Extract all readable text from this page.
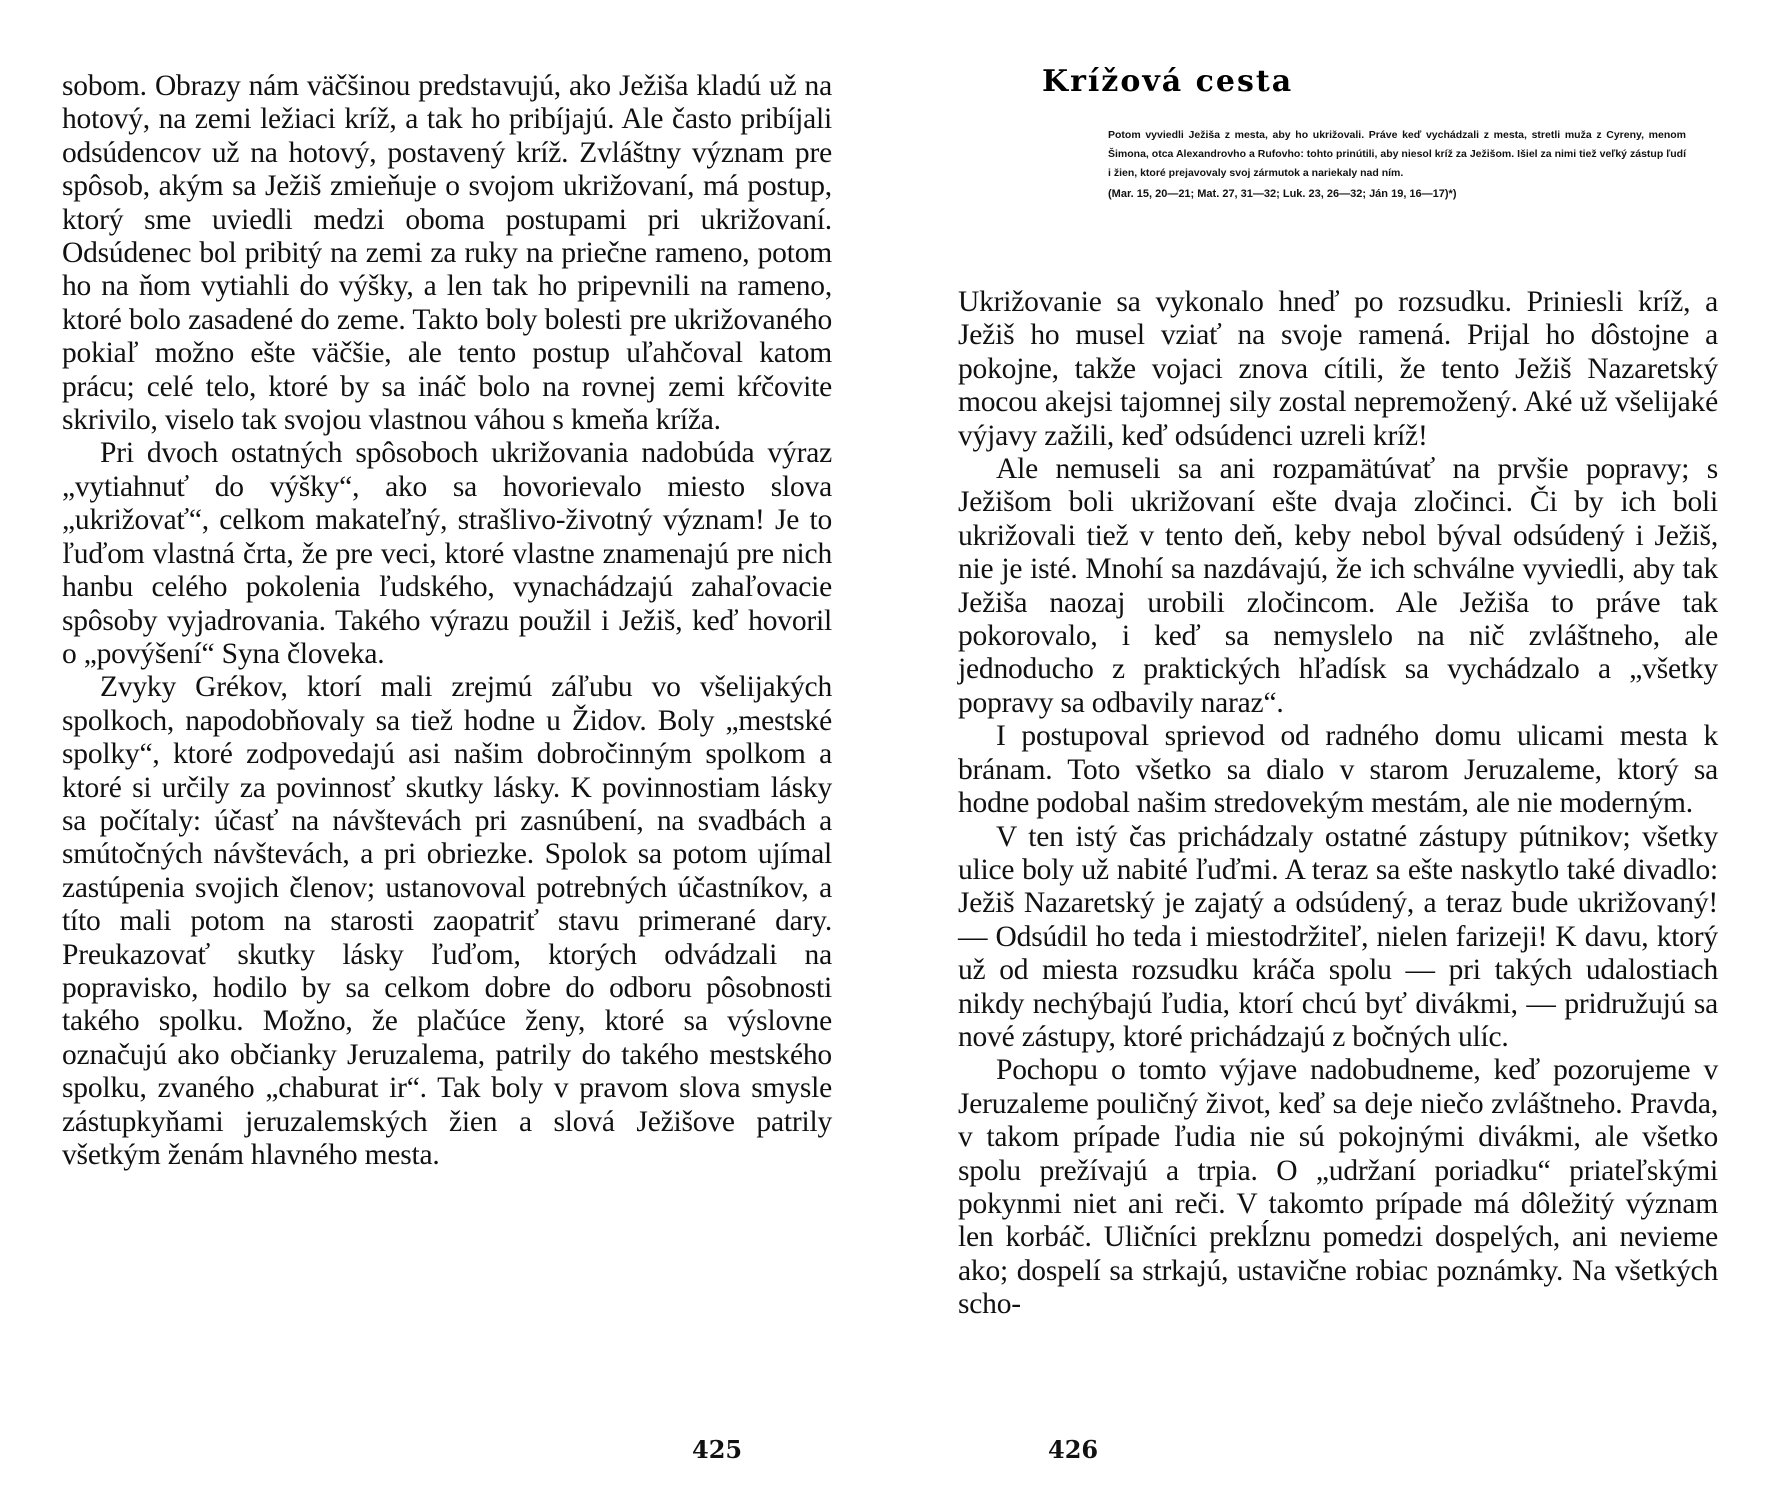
sobom. Obrazy nám väčšinou predstavujú, ako Ježiša kladú už na hotový, na zemi ležiaci kríž, a tak ho pribíjajú. Ale často pribíjali odsúdencov už na hotový, postavený kríž. Zvláštny význam pre spôsob, akým sa Ježiš zmieňuje o svojom ukrižovaní, má postup, ktorý sme uviedli medzi oboma postupami pri ukrižovaní. Odsúdenec bol pribitý na zemi za ruky na priečne rameno, potom ho na ňom vytiahli do výšky, a len tak ho pripevnili na rameno, ktoré bolo zasadené do zeme. Takto boly bolesti pre ukrižovaného pokiaľ možno ešte väčšie, ale tento postup uľahčoval katom prácu; celé telo, ktoré by sa ináč bolo na rovnej zemi kŕčovite skrivilo, viselo tak svojou vlastnou váhou s kmeňa kríža.

Pri dvoch ostatných spôsoboch ukrižovania nadobúda výraz „vytiahnuť do výšky“, ako sa hovorievalo miesto slova „ukrižovať“, celkom makateľný, strašlivo-životný význam! Je to ľuďom vlastná črta, že pre veci, ktoré vlastne znamenajú pre nich hanbu celého pokolenia ľudského, vynachádzajú zahaľovacie spôsoby vyjadrovania. Takého výrazu použil i Ježiš, keď hovoril o „povýšení“ Syna človeka.

Zvyky Grékov, ktorí mali zrejmú záľubu vo všelijakých spolkoch, napodobňovaly sa tiež hodne u Židov. Boly „mestské spolky“, ktoré zodpovedajú asi našim dobročinným spolkom a ktoré si určily za povinnosť skutky lásky. K povinnostiam lásky sa počítaly: účasť na návštevách pri zasnúbení, na svadbách a smútočných návštevách, a pri obriezke. Spolok sa potom ujímal zastúpenia svojich členov; ustanovoval potrebných účastníkov, a títo mali potom na starosti zaopatriť stavu primerané dary. Preukazovať skutky lásky ľuďom, ktorých odvádzali na popravisko, hodilo by sa celkom dobre do odboru pôsobnosti takého spolku. Možno, že plačúce ženy, ktoré sa výslovne označujú ako občianky Jeruzalema, patrily do takého mestského spolku, zvaného „chaburat ir“. Tak boly v pravom slova smysle zástupkyňami jeruzalemských žien a slová Ježišove patrily všetkým ženám hlavného mesta.

425

Krížová cesta
Potom vyviedli Ježiša z mesta, aby ho ukrižovali. Práve keď vychádzali z mesta, stretli muža z Cyreny, menom Šimona, otca Alexandrovho a Rufovho: tohto prinútili, aby niesol kríž za Ježišom. Išiel za nimi tiež veľký zástup ľudí i žien, ktoré prejavovaly svoj zármutok a nariekaly nad ním.
(Mar. 15, 20—21; Mat. 27, 31—32; Luk. 23, 26—32; Ján 19, 16—17)*)

Ukrižovanie sa vykonalo hneď po rozsudku. Priniesli kríž, a Ježiš ho musel vziať na svoje ramená. Prijal ho dôstojne a pokojne, takže vojaci znova cítili, že tento Ježiš Nazaretský mocou akejsi tajomnej sily zostal nepremožený. Aké už všelijaké výjavy zažili, keď odsúdenci uzreli kríž!

Ale nemuseli sa ani rozpamätúvať na prvšie popravy; s Ježišom boli ukrižovaní ešte dvaja zločinci. Či by ich boli ukrižovali tiež v tento deň, keby nebol býval odsúdený i Ježiš, nie je isté. Mnohí sa nazdávajú, že ich schválne vyviedli, aby tak Ježiša naozaj urobili zločincom. Ale Ježiša to práve tak pokorovalo, i keď sa nemyslelo na nič zvláštneho, ale jednoducho z praktických hľadísk sa vychádzalo a „všetky popravy sa odbavily naraz“.

I postupoval sprievod od radného domu ulicami mesta k bránam. Toto všetko sa dialo v starom Jeruzaleme, ktorý sa hodne podobal našim stredovekým mestám, ale nie moderným.

V ten istý čas prichádzaly ostatné zástupy pútnikov; všetky ulice boly už nabité ľuďmi. A teraz sa ešte naskytlo také divadlo: Ježiš Nazaretský je zajatý a odsúdený, a teraz bude ukrižovaný! — Odsúdil ho teda i miestodržiteľ, nielen farizeji! K davu, ktorý už od miesta rozsudku kráča spolu — pri takých udalostiach nikdy nechýbajú ľudia, ktorí chcú byť divákmi, — pridružujú sa nové zástupy, ktoré prichádzajú z bočných ulíc.

Pochopu o tomto výjave nadobudneme, keď pozorujeme v Jeruzaleme pouličný život, keď sa deje niečo zvláštneho. Pravda, v takom prípade ľudia nie sú pokojnými divákmi, ale všetko spolu prežívajú a trpia. O „udržaní poriadku“ priateľskými pokynmi niet ani reči. V takomto prípade má dôležitý význam len korbáč. Uličníci prekĺznu pomedzi dospelých, ani nevieme ako; dospelí sa strkajú, ustavične robiac poznámky. Na všetkých scho-

426
